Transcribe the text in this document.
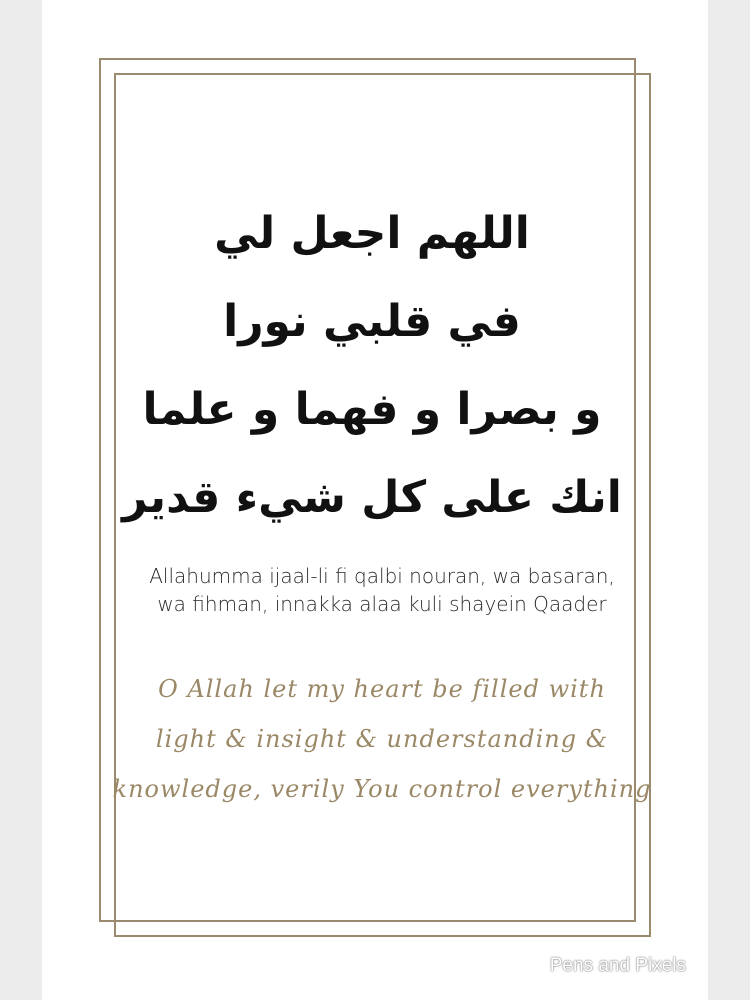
اللهم اجعل لي
في قلبي نورا
و بصرا و فهما و علما
انك على كل شيء قدير
Allahumma ijaal-li fi qalbi nouran, wa basaran,
wa fihman, innakka alaa kuli shayein Qaader
O Allah let my heart be filled with
light & insight & understanding &
knowledge, verily You control everything
Pens and Pixels
